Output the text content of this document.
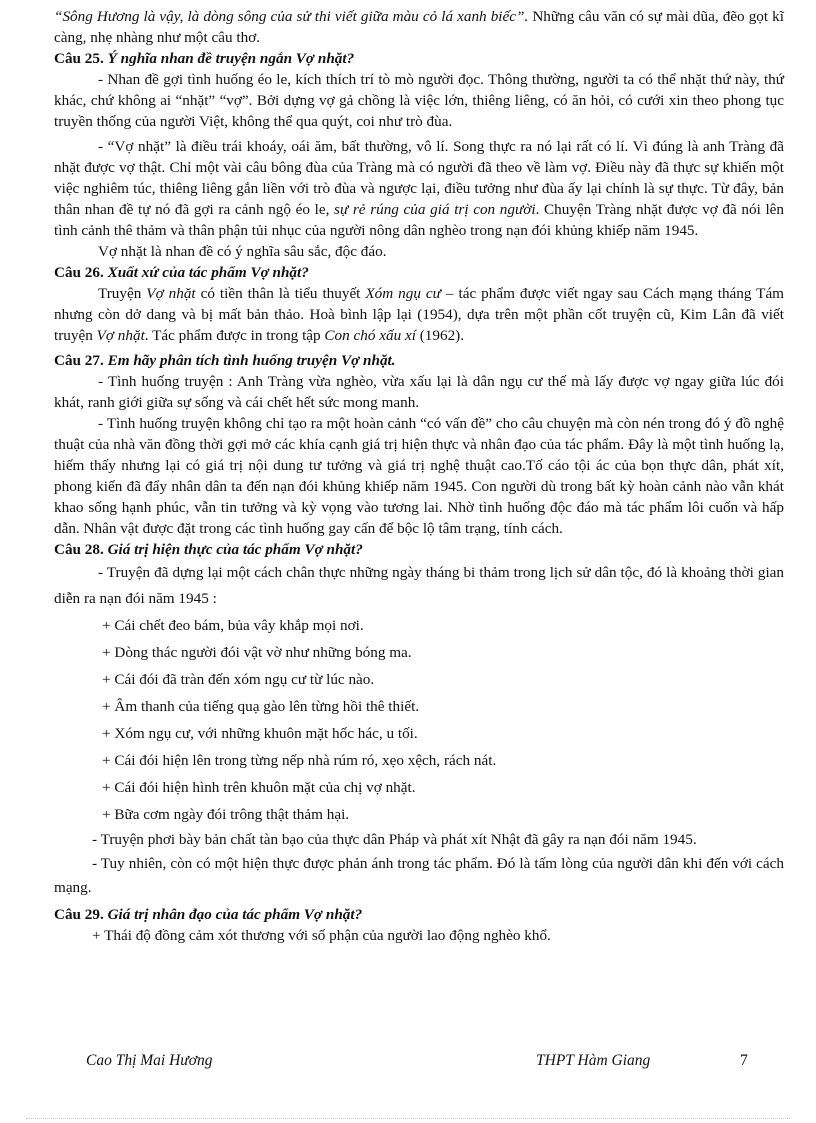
“Sông Hương là vậy, là dòng sông của sử thi viết giữa màu cỏ lá xanh biếc”. Những câu văn có sự mài dũa, đẽo gọt kĩ càng, nhẹ nhàng như một câu thơ.

Câu 25. Ý nghĩa nhan đề truyện ngắn Vợ nhặt?

- Nhan đề gợi tình huống éo le, kích thích trí tò mò người đọc. Thông thường, người ta có thể nhặt thứ này, thứ khác, chứ không ai “nhặt” “vợ”. Bởi dựng vợ gả chồng là việc lớn, thiêng liêng, có ăn hỏi, có cưới xin theo phong tục truyền thống của người Việt, không thể qua quýt, coi như trò đùa.

- “Vợ nhặt” là điều trái khoáy, oái ăm, bất thường, vô lí. Song thực ra nó lại rất có lí. Vì đúng là anh Tràng đã nhặt được vợ thật. Chỉ một vài câu bông đùa của Tràng mà có người đã theo về làm vợ. Điều này đã thực sự khiến một việc nghiêm túc, thiêng liêng gắn liền với trò đùa và ngược lại, điều tưởng như đùa ấy lại chính là sự thực. Từ đây, bản thân nhan đề tự nó đã gợi ra cảnh ngộ éo le, sự rẻ rúng của giá trị con người. Chuyện Tràng nhặt được vợ đã nói lên tình cảnh thê thảm và thân phận tủi nhục của người nông dân nghèo trong nạn đói khủng khiếp năm 1945.

Vợ nhặt là nhan đề có ý nghĩa sâu sắc, độc đáo.

Câu 26. Xuất xứ của tác phẩm Vợ nhặt?

Truyện Vợ nhặt có tiền thân là tiểu thuyết Xóm ngụ cư – tác phẩm được viết ngay sau Cách mạng tháng Tám nhưng còn dở dang và bị mất bản thảo. Hoà bình lập lại (1954), dựa trên một phần cốt truyện cũ, Kim Lân đã viết truyện Vợ nhặt. Tác phẩm được in trong tập Con chó xấu xí (1962).

Câu 27. Em hãy phân tích tình huống truyện Vợ nhặt.

- Tình huống truyện : Anh Tràng vừa nghèo, vừa xấu lại là dân ngụ cư thế mà lấy được vợ ngay giữa lúc đói khát, ranh giới giữa sự sống và cái chết hết sức mong manh.

- Tình huống truyện không chỉ tạo ra một hoàn cảnh “có vấn đề” cho câu chuyện mà còn nén trong đó ý đồ nghệ thuật của nhà văn đồng thời gợi mở các khía cạnh giá trị hiện thực và nhân đạo của tác phẩm. Đây là một tình huống lạ, hiếm thấy nhưng lại có giá trị nội dung tư tưởng và giá trị nghệ thuật cao.Tố cáo tội ác của bọn thực dân, phát xít, phong kiến đã đẩy nhân dân ta đến nạn đói khủng khiếp năm 1945. Con người dù trong bất kỳ hoàn cảnh nào vẫn khát khao sống hạnh phúc, vẫn tin tưởng và kỳ vọng vào tương lai. Nhờ tình huống độc đáo mà tác phẩm lôi cuốn và hấp dẫn. Nhân vật được đặt trong các tình huống gay cấn để bộc lộ tâm trạng, tính cách.

Câu 28. Giá trị hiện thực của tác phẩm Vợ nhặt?

- Truyện đã dựng lại một cách chân thực những ngày tháng bi thảm trong lịch sử dân tộc, đó là khoảng thời gian diễn ra nạn đói năm 1945 :

+ Cái chết đeo bám, bủa vây khắp mọi nơi.

+ Dòng thác người đói vật vờ như những bóng ma.

+ Cái đói đã tràn đến xóm ngụ cư từ lúc nào.

+ Âm thanh của tiếng quạ gào lên từng hồi thê thiết.

+ Xóm ngụ cư, với những khuôn mặt hốc hác, u tối.

+ Cái đói hiện lên trong từng nếp nhà rúm ró, xẹo xệch, rách nát.

+ Cái đói hiện hình trên khuôn mặt của chị vợ nhặt.

+ Bữa cơm ngày đói trông thật thảm hại.

- Truyện phơi bày bản chất tàn bạo của thực dân Pháp và phát xít Nhật đã gây ra nạn đói năm 1945.

- Tuy nhiên, còn có một hiện thực được phản ánh trong tác phẩm. Đó là tấm lòng của người dân khi đến với cách mạng.

Câu 29. Giá trị nhân đạo của tác phẩm Vợ nhặt?

+ Thái độ đồng cảm xót thương với số phận của người lao động nghèo khổ.

Cao Thị Mai Hương	THPT Hàm Giang	7
